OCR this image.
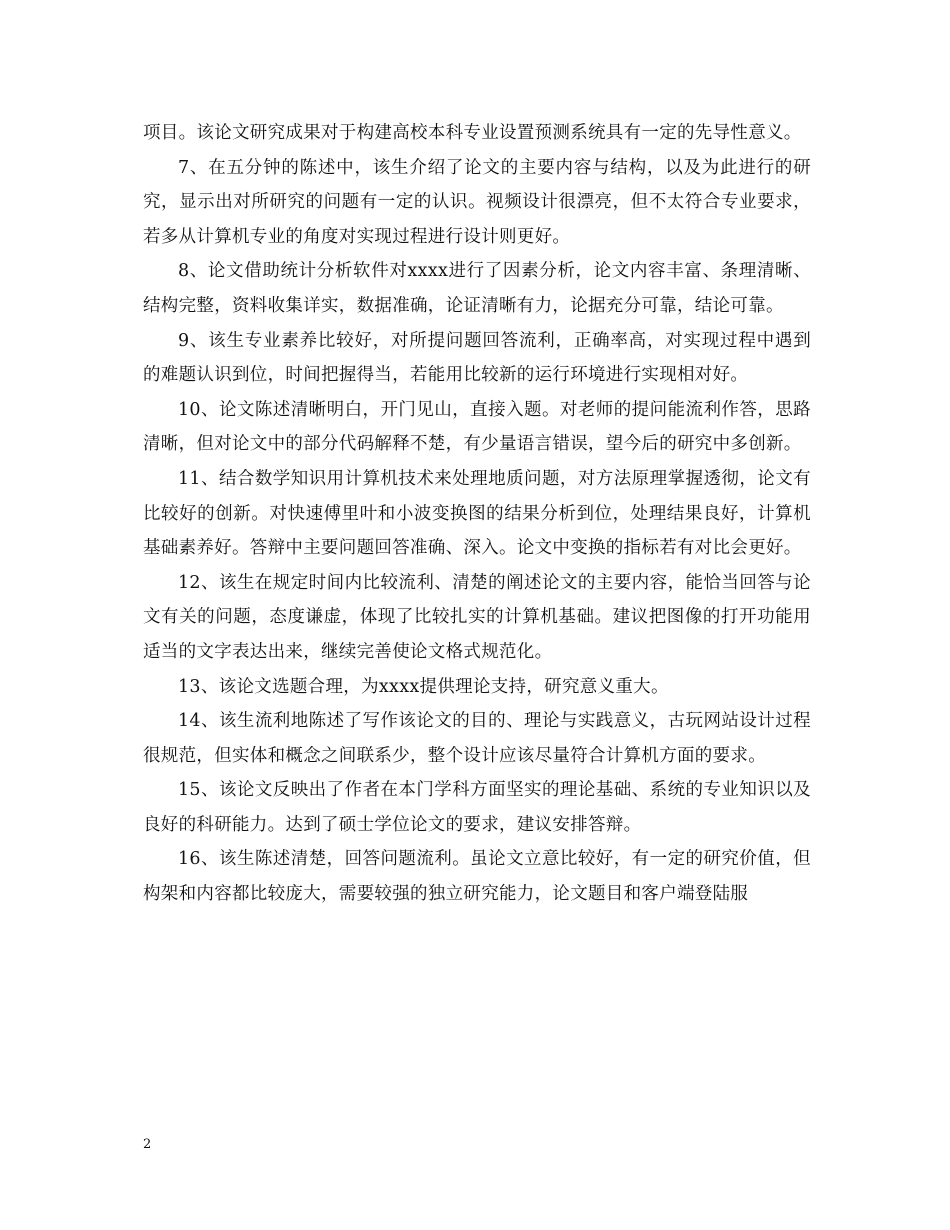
项目。该论文研究成果对于构建高校本科专业设置预测系统具有一定的先导性意义。

7、在五分钟的陈述中，该生介绍了论文的主要内容与结构，以及为此进行的研究，显示出对所研究的问题有一定的认识。视频设计很漂亮，但不太符合专业要求，若多从计算机专业的角度对实现过程进行设计则更好。

8、论文借助统计分析软件对xxxx进行了因素分析，论文内容丰富、条理清晰、结构完整，资料收集详实，数据准确，论证清晰有力，论据充分可靠，结论可靠。

9、该生专业素养比较好，对所提问题回答流利，正确率高，对实现过程中遇到的难题认识到位，时间把握得当，若能用比较新的运行环境进行实现相对好。

10、论文陈述清晰明白，开门见山，直接入题。对老师的提问能流利作答，思路清晰，但对论文中的部分代码解释不楚，有少量语言错误，望今后的研究中多创新。

11、结合数学知识用计算机技术来处理地质问题，对方法原理掌握透彻，论文有比较好的创新。对快速傅里叶和小波变换图的结果分析到位，处理结果良好，计算机基础素养好。答辩中主要问题回答准确、深入。论文中变换的指标若有对比会更好。

12、该生在规定时间内比较流利、清楚的阐述论文的主要内容，能恰当回答与论文有关的问题，态度谦虚，体现了比较扎实的计算机基础。建议把图像的打开功能用适当的文字表达出来，继续完善使论文格式规范化。

13、该论文选题合理，为xxxx提供理论支持，研究意义重大。

14、该生流利地陈述了写作该论文的目的、理论与实践意义，古玩网站设计过程很规范，但实体和概念之间联系少，整个设计应该尽量符合计算机方面的要求。

15、该论文反映出了作者在本门学科方面坚实的理论基础、系统的专业知识以及良好的科研能力。达到了硕士学位论文的要求，建议安排答辩。

16、该生陈述清楚，回答问题流利。虽论文立意比较好，有一定的研究价值，但构架和内容都比较庞大，需要较强的独立研究能力，论文题目和客户端登陆服

2
